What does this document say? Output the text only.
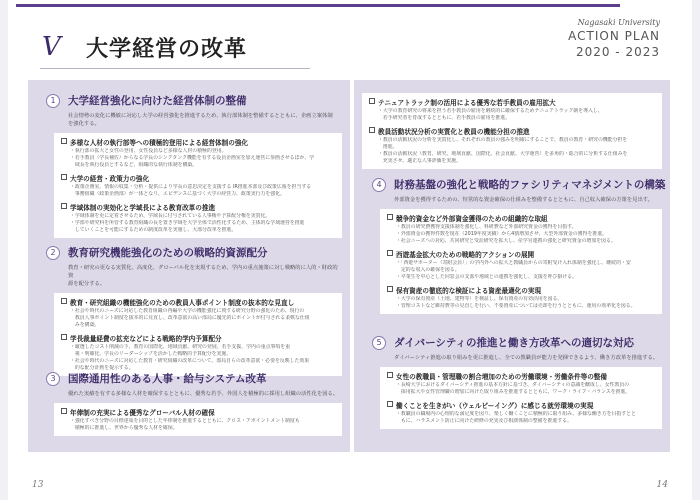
V 大学経営の改革
Nagasaki University
ACTION PLAN
2020 - 2023
1	大学経営強化に向けた経営体制の整備
社会情勢の変化に機敏に対応し大学の経営強化を推進するため、執行部体制を整備するとともに、企画立案体制
を強化する。
多様な人材の執行部等への積極的登用による経営体制の強化
・執行部の拡大と女性の登用、女性役員など多様な人材の積極的登用。
・若手教員（学長補佐）からなる学長のシンクタンク機能を有する役員企画室を加え運営に参画させるほか、学
　域長を執行役員とするなど、組織的な執行体制を構築。
大学の経営・政策力の強化
・政策企画室、情報の収集・分析・提供により学長の意思決定を支援する IR推進本部及び政策広報を担当する
　事務組織（政策企画部）が一体となり、エビデンスに基づく大学の経営力、政策実行力を強化。
学域体制の実効化と学域長による教育改革の推進
・学域体制を更に定着させるため、学域長に付与されている人事権や予算配分権を実質化。
・学部や研究科を所管する教育組織の長を置き学域を大学全体で活性化するため、主体的な学域運営を推進
　していくことを可能にするための制度改革を実施し、大部分改革を推進。
2	教育研究機能強化のための戦略的資源配分
教育・研究の更なる実質化、高度化、グローバル化を実現するため、学内の重点施策に対し戦略的に人的・財政的資
源を配分する。
教育・研究組織の機能強化のための教員人事ポイント制度の抜本的な見直し
・社会や時代のニーズに対応した教育組織の再編や大学の機能強化に資する研究分野の強化のため、現行の
　教員人事ポイント制度を抜本的に見直し、改革意欲の高い部局に優先的にポイントが付与される柔軟な仕組
　みを構築。
学長裁量経費の拡充などによる戦略的学内予算配分
・厳選したコスト削減の下、教育の国際化、地域貢献、研究の発展、若手支援、学内の重点事項を重
　視・明確化、学長のリーダーシップを活かした戦略的予算配分を実施。
・社会や時代のニーズに対応した教育・研究組織の改革について、部局自らの改革意欲・必要を反映した効果
　的な配分計画を提示する。
3	国際通用性のある人事・給与システム改革
優れた実績を有する多様な人材を確保するとともに、優秀な若手、外国人を積極的に採用し組織の活性化を図る。
年俸制の充実による優秀なグローバル人材の確保
・強化すべき分野の目標達成を目的とした年俸制を推進するとともに、クロス・アポイントメント制度も
　積極的に推進し、世界から優秀な人材を確保。
テニュアトラック制の活用による優秀な若手教員の雇用拡大
・大学の教育研究の将来を担う若手教員の雇用を継続的に確保するためテニュアトラック制を導入し、
　若手研究者を育成するとともに、若手教員の雇用を推進。
教員活動状況分析の実質化と教員の機能分担の推進
・教員の活動状況の分析を実質化し、それぞれの教員の強みを明確にすることで、教員の教育・研究の機能分担を
　推進。
・教員の活動状況（教育、研究、地域貢献、国際化、社会貢献、大学運営）を多角的・総合的に分析する仕組みを
　充実させ、適正な人事評価を実施。
4	財務基盤の強化と戦略的ファシリティマネジメントの構築
外部資金を獲得するための、恒常的な資金確保の仕組みを整備するとともに、自己収入確保の方策を見出す。
競争的資金など外部資金獲得のための組織的な取組
・教員の研究費獲得支援体制を強化し、科研費など外部研究資金の獲得を目指す。
・外部資金の獲得件数を現在（2019年度実績）から4割増加させ、大型外部資金の獲得を推進。
・社会ニーズへの対応、共同研究と受託研究を拡大し、産学官連携の強化と研究資金の増加を図る。
西遊基金拡大のための戦略的アクションの展開
・「西遊サポーター（寄附会員）」の学内外への拡大と教職員からの寄附受け入れ体制を強化し、継続的・安
　定的な収入の確保を図る。
・卒業生を中心とした同窓会の支部や地域との連携を強化し、支援を呼び掛ける。
保有資産の徹底的な検証による資産最適化の実現
・大学の保有資産（土地、建物等）を検証し、保有資産の有効活用を図る。
・管理コストなど維持費等の見直しを行い、不要資産については売却を行うとともに、運用の効率化を図る。
5	ダイバーシティの推進と働き方改革への適切な対応
ダイバーシティ推進の取り組みを更に推進し、全ての教職員が能力を発揮できるよう、働き方改革を推進する。
女性の教職員・管理職の割合増加のための労働環境・労働条件等の整備
・長崎大学におけるダイバーシティ推進の基本方針に基づき、ダイバーシティの意識を醸成し、女性教員の
　採用拡大や女性管理職の増加に向けた取り組みを推進するとともに、ワーク・ライフ・バランスを推進。
働くことを生きがい（ウェルビーイング）に感じる就労環境の実現
・教職員の職場内の心理的な満足度を図り、楽しく働くことに積極的に取り組み、多様な働き方を目指すとと
　もに、ハラスメント防止に向けた研修の充実及び相談体制の整備を推進する。
13	14
